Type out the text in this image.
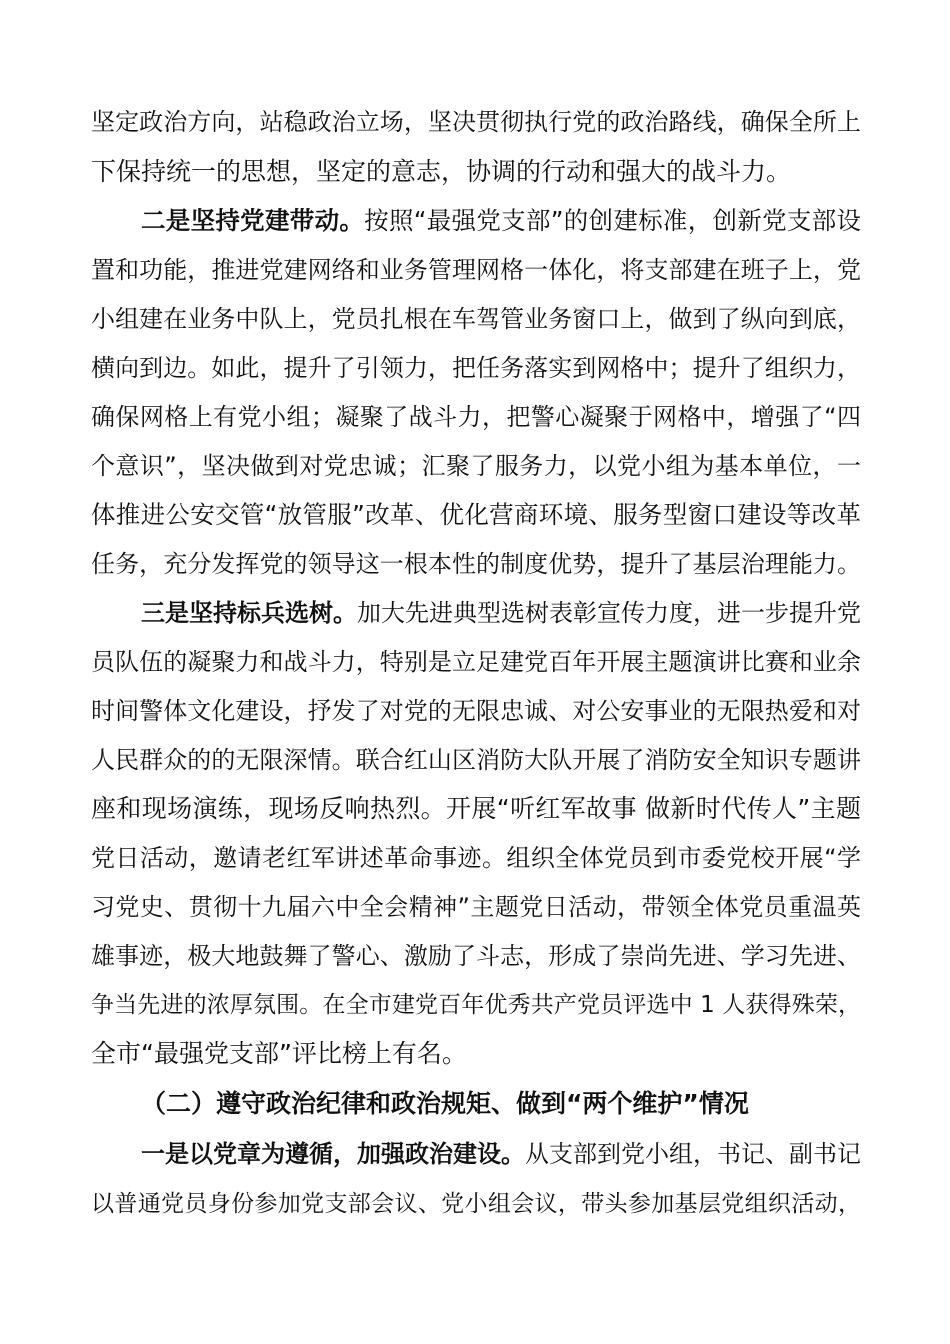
坚定政治方向，站稳政治立场，坚决贯彻执行党的政治路线，确保全所上
下保持统一的思想，坚定的意志，协调的行动和强大的战斗力。
二是坚持党建带动。按照“最强党支部”的创建标准，创新党支部设
置和功能，推进党建网络和业务管理网格一体化，将支部建在班子上，党
小组建在业务中队上，党员扎根在车驾管业务窗口上，做到了纵向到底，
横向到边。如此，提升了引领力，把任务落实到网格中；提升了组织力，
确保网格上有党小组；凝聚了战斗力，把警心凝聚于网格中，增强了“四
个意识”，坚决做到对党忠诚；汇聚了服务力，以党小组为基本单位，一
体推进公安交管“放管服”改革、优化营商环境、服务型窗口建设等改革
任务，充分发挥党的领导这一根本性的制度优势，提升了基层治理能力。
三是坚持标兵选树。加大先进典型选树表彰宣传力度，进一步提升党
员队伍的凝聚力和战斗力，特别是立足建党百年开展主题演讲比赛和业余
时间警体文化建设，抒发了对党的无限忠诚、对公安事业的无限热爱和对
人民群众的的无限深情。联合红山区消防大队开展了消防安全知识专题讲
座和现场演练，现场反响热烈。开展“听红军故事 做新时代传人”主题
党日活动，邀请老红军讲述革命事迹。组织全体党员到市委党校开展“学
习党史、贯彻十九届六中全会精神”主题党日活动，带领全体党员重温英
雄事迹，极大地鼓舞了警心、激励了斗志，形成了崇尚先进、学习先进、
争当先进的浓厚氛围。在全市建党百年优秀共产党员评选中 1 人获得殊荣，
全市“最强党支部”评比榜上有名。
（二）遵守政治纪律和政治规矩、做到“两个维护”情况
一是以党章为遵循，加强政治建设。从支部到党小组，书记、副书记
以普通党员身份参加党支部会议、党小组会议，带头参加基层党组织活动，
